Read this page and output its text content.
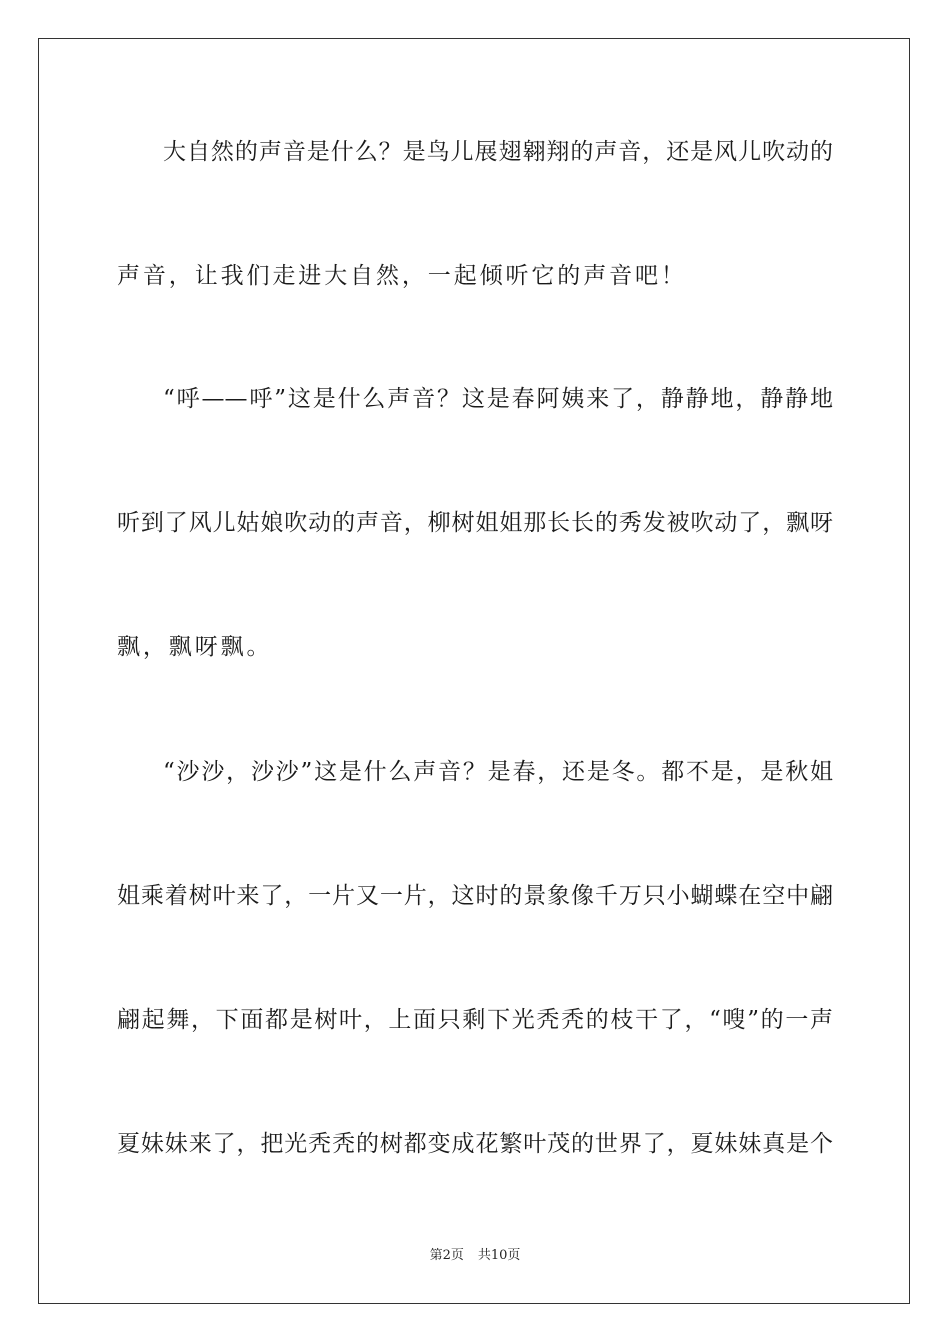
大自然的声音是什么？是鸟儿展翅翱翔的声音，还是风儿吹动的
声音，让我们走进大自然，一起倾听它的声音吧！
“呼——呼”这是什么声音？这是春阿姨来了，静静地，静静地
听到了风儿姑娘吹动的声音，柳树姐姐那长长的秀发被吹动了，飘呀
飘，飘呀飘。
“沙沙，沙沙”这是什么声音？是春，还是冬。都不是，是秋姐
姐乘着树叶来了，一片又一片，这时的景象像千万只小蝴蝶在空中翩
翩起舞，下面都是树叶，上面只剩下光秃秃的枝干了，“嗖”的一声
夏妹妹来了，把光秃秃的树都变成花繁叶茂的世界了，夏妹妹真是个
第2页 共10页
